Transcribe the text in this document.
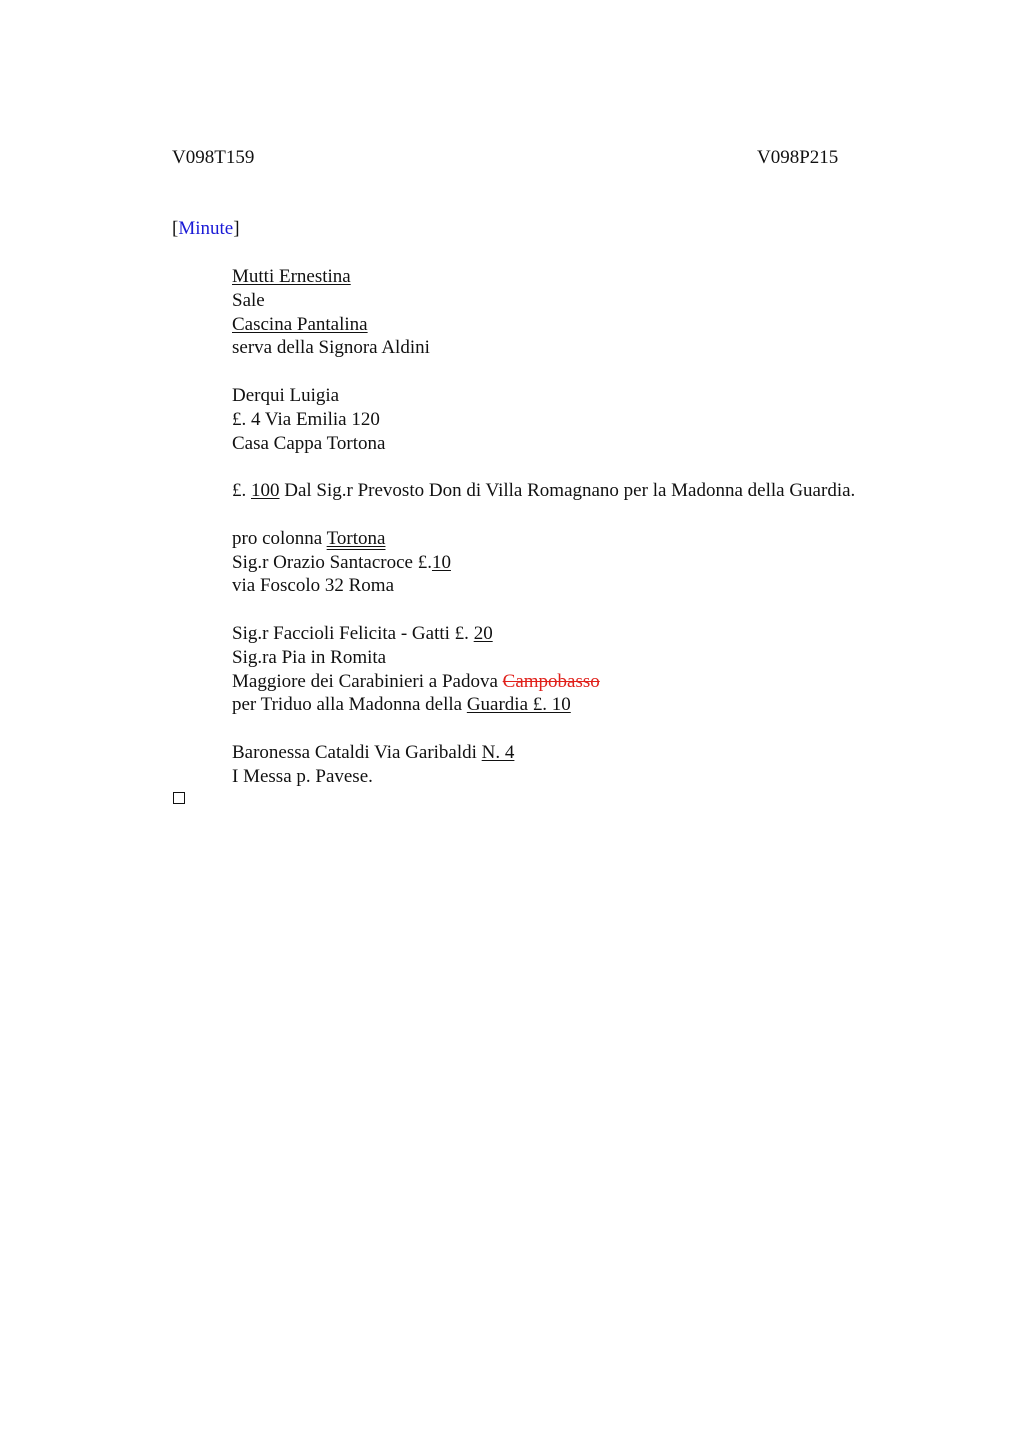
V098T159	V098P215
[Minute]
Mutti Ernestina
Sale
Cascina Pantalina
serva della Signora Aldini
Derqui Luigia
£. 4 Via Emilia 120
Casa Cappa Tortona
£. 100 Dal Sig.r Prevosto Don di Villa Romagnano per la Madonna della Guardia.
pro colonna Tortona
Sig.r Orazio Santacroce £.10
via Foscolo 32 Roma
Sig.r Faccioli Felicita - Gatti £. 20
Sig.ra Pia in Romita
Maggiore dei Carabinieri a Padova Campobasso
per Triduo alla Madonna della Guardia £. 10
Baronessa Cataldi Via Garibaldi N. 4
I Messa p. Pavese.
